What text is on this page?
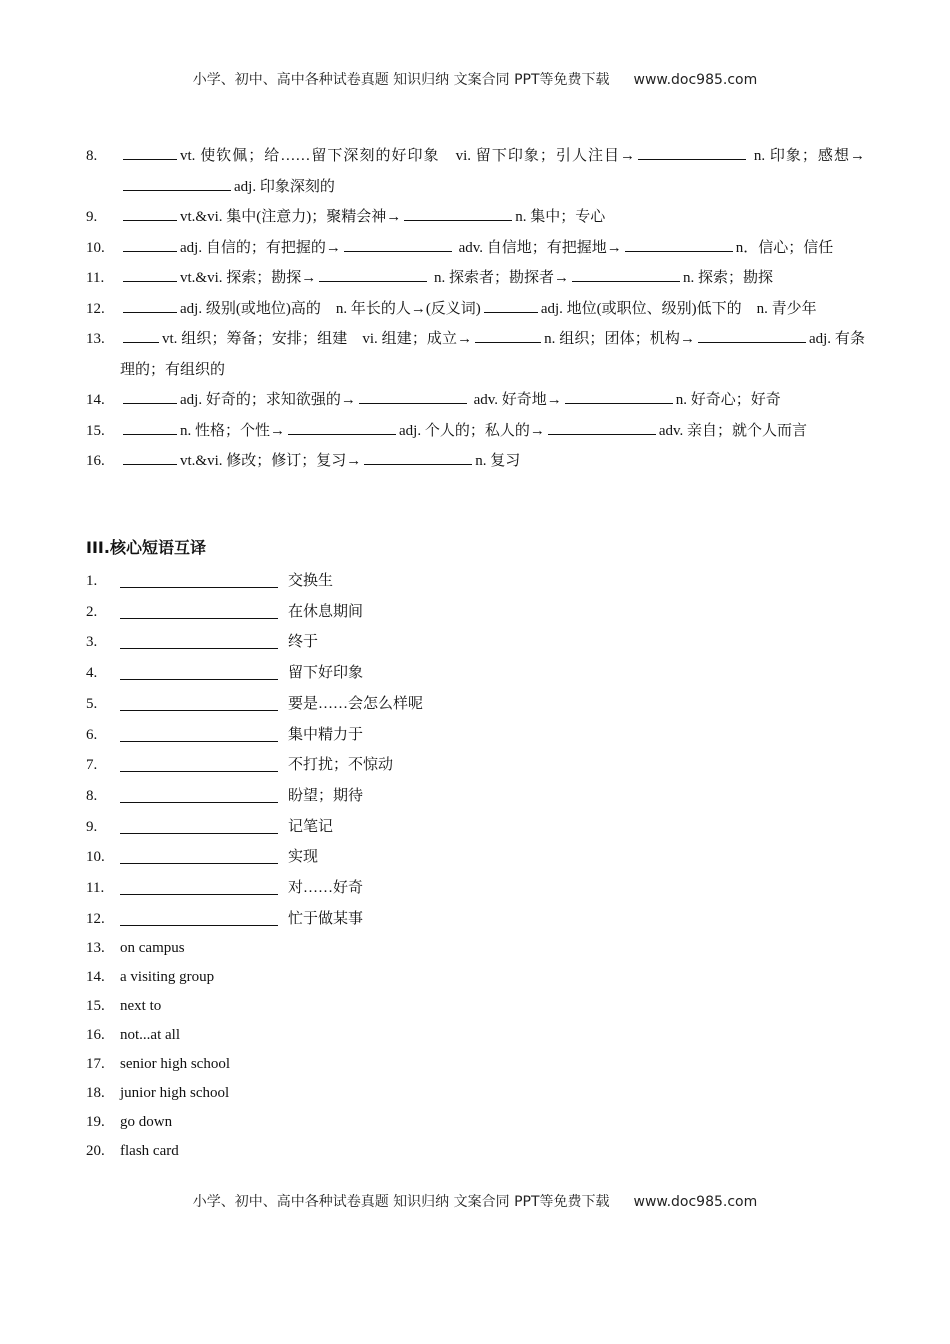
小学、初中、高中各种试卷真题 知识归纳 文案合同 PPT等免费下载 www.doc985.com
8.	vt. 使钦佩；给……留下深刻的好印象　vi. 留下印象；引人注目→	n. 印象；感想→adj. 印象深刻的
9.	vt.&vi. 集中(注意力)；聚精会神→	n. 集中；专心
10.	adj. 自信的；有把握的→	adv. 自信地；有把握地→	n．信心；信任
11.	vt.&vi. 探索；勘探→	n. 探索者；勘探者→	n. 探索；勘探
12.	adj. 级别(或地位)高的　n. 年长的人→(反义词)	adj. 地位(或职位、级别)低下的　n. 青少年
13.	vt. 组织；筹备；安排；组建　vi. 组建；成立→	n. 组织；团体；机构→	adj. 有条理的；有组织的
14.	adj. 好奇的；求知欲强的→	adv. 好奇地→	n. 好奇心；好奇
15.	n. 性格；个性→	adj. 个人的；私人的→	adv. 亲自；就个人而言
16.	vt.&vi. 修改；修订；复习→	n. 复习
III.核心短语互译
1.	交换生
2.	在休息期间
3.	终于
4.	留下好印象
5.	要是……会怎么样呢
6.	集中精力于
7.	不打扰；不惊动
8.	盼望；期待
9.	记笔记
10.	实现
11.	对……好奇
12.	忙于做某事
13.	on campus
14.	a visiting group
15.	next to
16.	not...at all
17.	senior high school
18.	junior high school
19.	go down
20.	flash card
小学、初中、高中各种试卷真题 知识归纳 文案合同 PPT等免费下载 www.doc985.com
